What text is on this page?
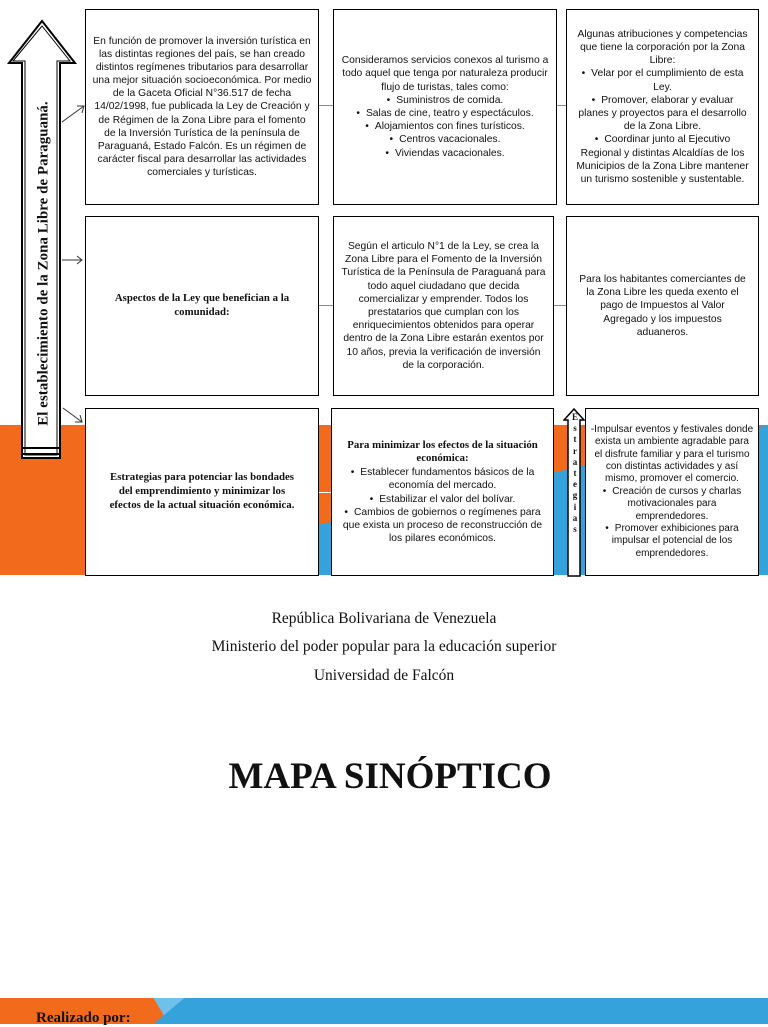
El establecimiento de la Zona Libre de Paraguaná.
En función de promover la inversión turística en las distintas regiones del país, se han creado distintos regímenes tributarios para desarrollar una mejor situación socioeconómica. Por medio de la Gaceta Oficial N°36.517 de fecha 14/02/1998, fue publicada la Ley de Creación y de Régimen de la Zona Libre para el fomento de la Inversión Turística de la península de Paraguaná, Estado Falcón. Es un régimen de carácter fiscal para desarrollar las actividades comerciales y turísticas.
Consideramos servicios conexos al turismo a todo aquel que tenga por naturaleza producir flujo de turistas, tales como:
• Suministros de comida.
• Salas de cine, teatro y espectáculos.
• Alojamientos con fines turísticos.
• Centros vacacionales.
• Viviendas vacacionales.
Algunas atribuciones y competencias que tiene la corporación por la Zona Libre:
• Velar por el cumplimiento de esta Ley.
• Promover, elaborar y evaluar planes y proyectos para el desarrollo de la Zona Libre.
• Coordinar junto al Ejecutivo Regional y distintas Alcaldías de los Municipios de la Zona Libre mantener un turismo sostenible y sustentable.
Aspectos de la Ley que benefician a la comunidad:
Según el articulo N°1 de la Ley, se crea la Zona Libre para el Fomento de la Inversión Turística de la Península de Paraguaná para todo aquel ciudadano que decida comercializar y emprender. Todos los prestatarios que cumplan con los enriquecimientos obtenidos para operar dentro de la Zona Libre estarán exentos por 10 años, previa la verificación de inversión de la corporación.
Para los habitantes comerciantes de la Zona Libre les queda exento el pago de Impuestos al Valor Agregado y los impuestos aduaneros.
Estrategias para potenciar las bondades del emprendimiento y minimizar los efectos de la actual situación económica.
Para minimizar los efectos de la situación económica:
• Establecer fundamentos básicos de la economía del mercado.
• Estabilizar el valor del bolívar.
• Cambios de gobiernos o regímenes para que exista un proceso de reconstrucción de los pilares económicos.
E
s
t
r
a
t
e
g
i
a
s
-Impulsar eventos y festivales donde exista un ambiente agradable para el disfrute familiar y para el turismo con distintas actividades y así mismo, promover el comercio.
• Creación de cursos y charlas motivacionales para emprendedores.
• Promover exhibiciones para impulsar el potencial de los emprendedores.
República Bolivariana de Venezuela
Ministerio del poder popular para la educación superior
Universidad de Falcón
MAPA SINÓPTICO
Realizado por:
